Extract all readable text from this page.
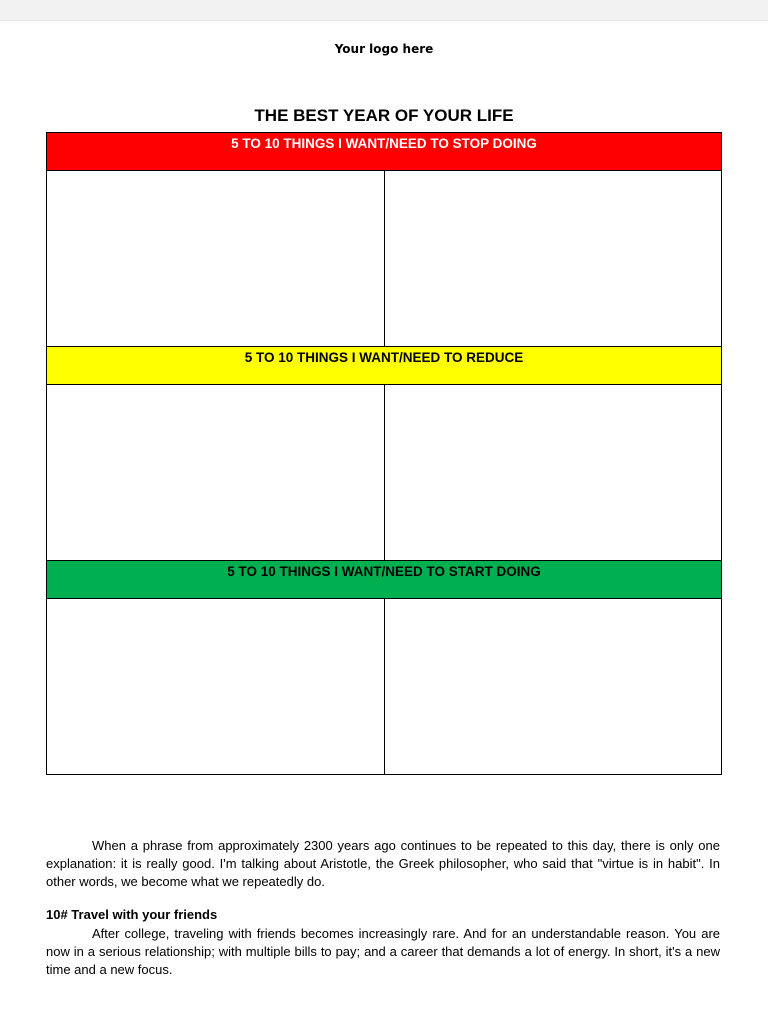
Your logo here
THE BEST YEAR OF YOUR LIFE
5 TO 10 THINGS I WANT/NEED TO STOP DOING
5 TO 10 THINGS I WANT/NEED TO REDUCE
5 TO 10 THINGS I WANT/NEED TO START DOING

When a phrase from approximately 2300 years ago continues to be repeated to this day, there is only one explanation: it is really good. I'm talking about Aristotle, the Greek philosopher, who said that "virtue is in habit". In other words, we become what we repeatedly do.

10# Travel with your friends

After college, traveling with friends becomes increasingly rare. And for an understandable reason. You are now in a serious relationship; with multiple bills to pay; and a career that demands a lot of energy. In short, it's a new time and a new focus.
